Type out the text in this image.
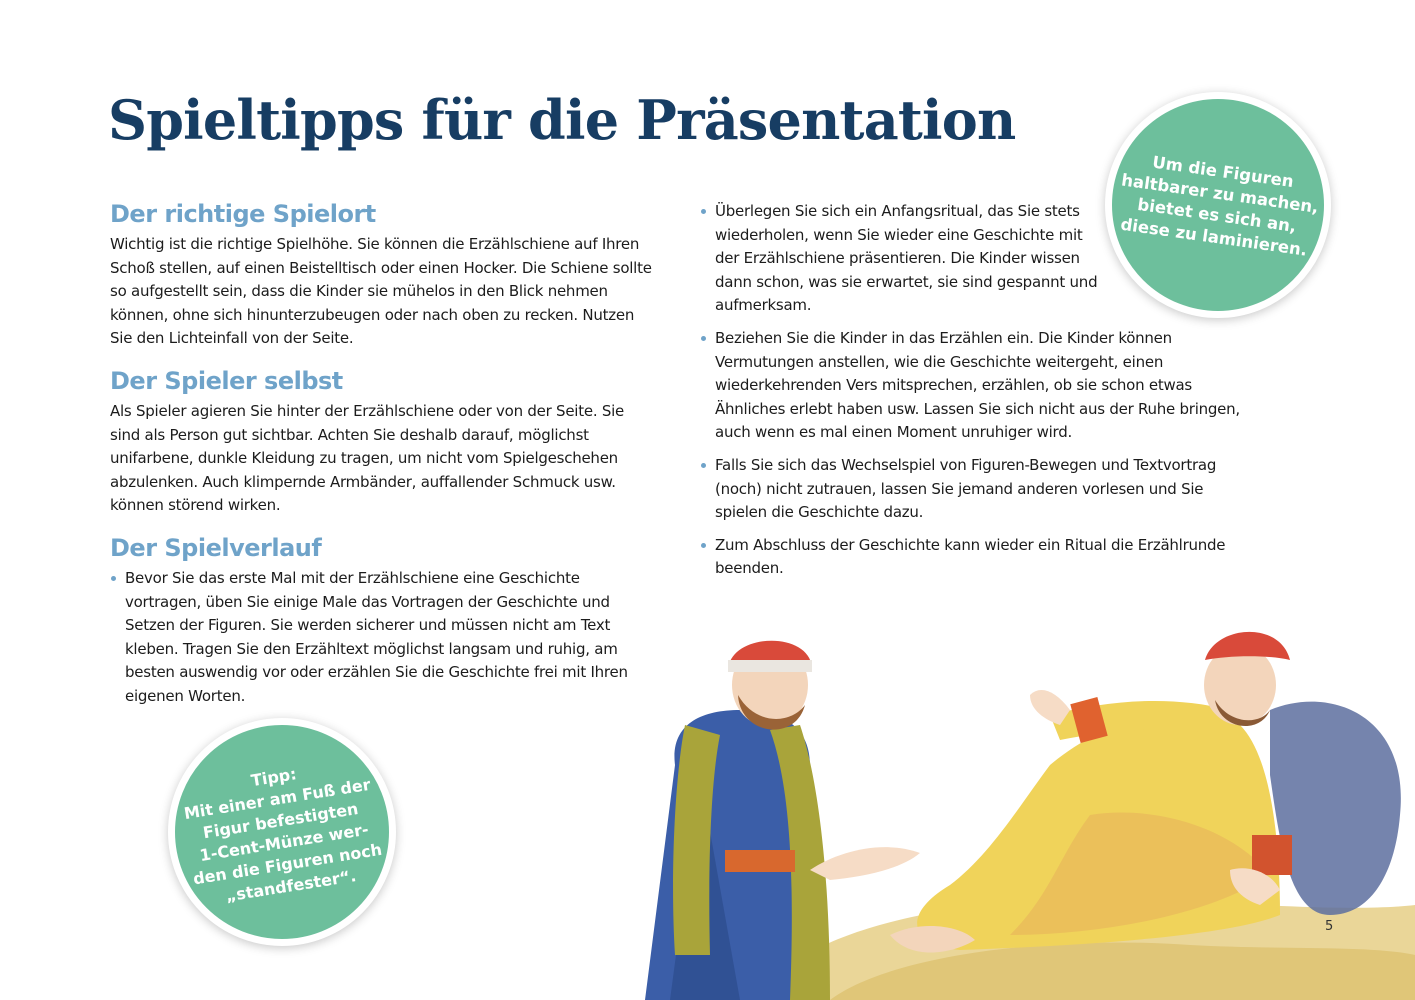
Spieltipps für die Präsentation
Der richtige Spielort

Wichtig ist die richtige Spielhöhe. Sie können die Erzählschiene auf Ihren Schoß stellen, auf einen Beistelltisch oder einen Hocker. Die Schiene sollte so aufgestellt sein, dass die Kinder sie mühelos in den Blick nehmen können, ohne sich hinunterzubeugen oder nach oben zu recken. Nutzen Sie den Lichteinfall von der Seite.

Der Spieler selbst

Als Spieler agieren Sie hinter der Erzählschiene oder von der Seite. Sie sind als Person gut sichtbar. Achten Sie deshalb darauf, möglichst unifarbene, dunkle Kleidung zu tragen, um nicht vom Spielgeschehen abzulenken. Auch klimpernde Armbänder, auffallender Schmuck usw. können störend wirken.

Der Spielverlauf
Bevor Sie das erste Mal mit der Erzählschiene eine Geschichte vortragen, üben Sie einige Male das Vortragen der Geschichte und Setzen der Figuren. Sie werden sicherer und müssen nicht am Text kleben. Tragen Sie den Erzähltext möglichst langsam und ruhig, am besten auswendig vor oder erzählen Sie die Geschichte frei mit Ihren eigenen Worten.
Überlegen Sie sich ein Anfangsritual, das Sie stets wiederholen, wenn Sie wieder eine Geschichte mit der Erzählschiene präsentieren. Die Kinder wissen dann schon, was sie erwartet, sie sind gespannt und aufmerksam.
Beziehen Sie die Kinder in das Erzählen ein. Die Kinder können Vermutungen anstellen, wie die Geschichte weitergeht, einen wiederkehrenden Vers mitsprechen, erzählen, ob sie schon etwas Ähnliches erlebt haben usw. Lassen Sie sich nicht aus der Ruhe bringen, auch wenn es mal einen Moment unruhiger wird.
Falls Sie sich das Wechselspiel von Figuren-Bewegen und Textvortrag (noch) nicht zutrauen, lassen Sie jemand anderen vorlesen und Sie spielen die Geschichte dazu.
Zum Abschluss der Geschichte kann wieder ein Ritual die Erzählrunde beenden.
Um die Figuren
haltbarer zu machen,
bietet es sich an,
diese zu laminieren.
Tipp:
Mit einer am Fuß der
Figur befestigten
1-Cent-Münze wer-
den die Figuren noch
„standfester“.
5
